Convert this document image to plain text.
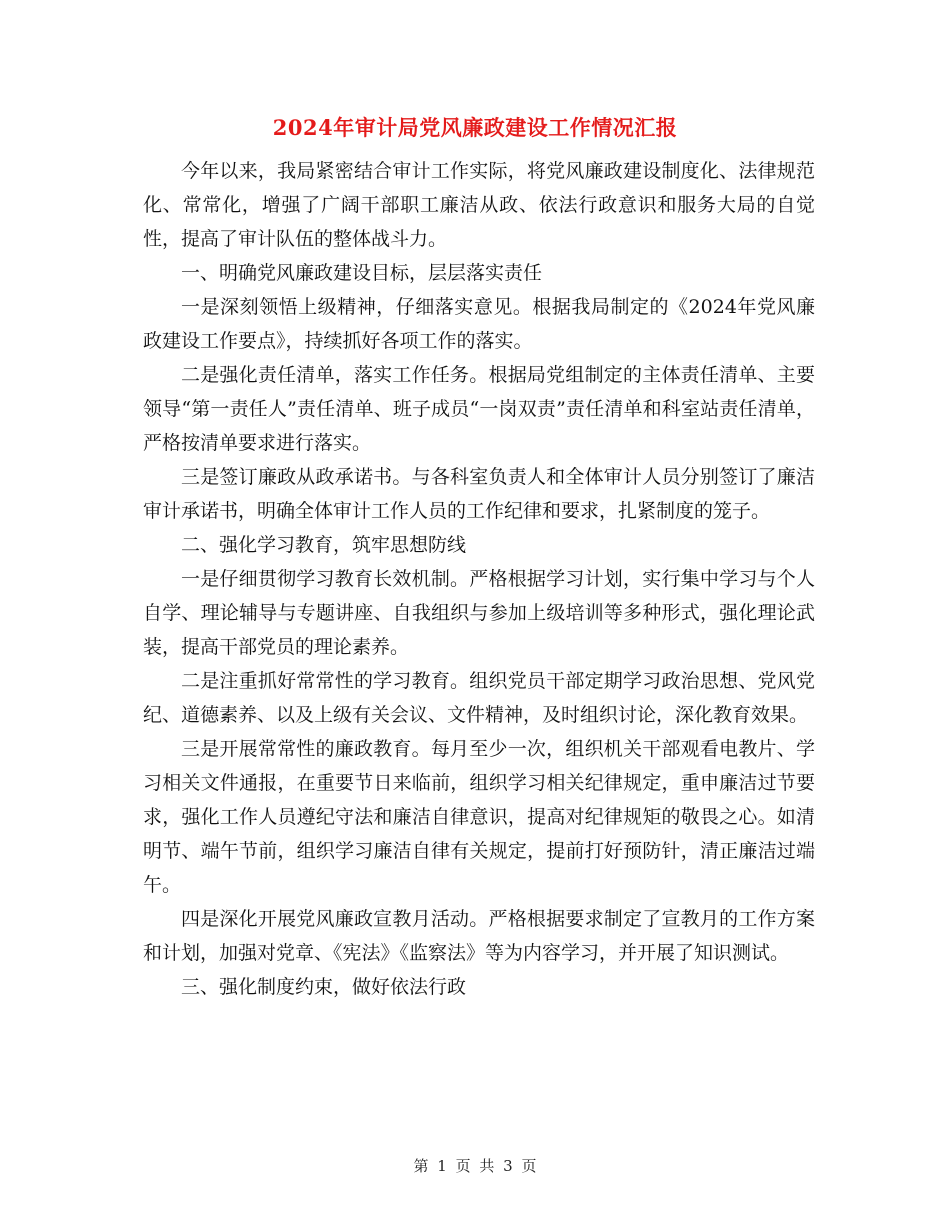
2024年审计局党风廉政建设工作情况汇报

今年以来，我局紧密结合审计工作实际，将党风廉政建设制度化、法律规范化、常常化，增强了广阔干部职工廉洁从政、依法行政意识和服务大局的自觉性，提高了审计队伍的整体战斗力。

一、明确党风廉政建设目标，层层落实责任

一是深刻领悟上级精神，仔细落实意见。根据我局制定的《2024年党风廉政建设工作要点》，持续抓好各项工作的落实。

二是强化责任清单，落实工作任务。根据局党组制定的主体责任清单、主要领导“第一责任人”责任清单、班子成员“一岗双责”责任清单和科室站责任清单，严格按清单要求进行落实。

三是签订廉政从政承诺书。与各科室负责人和全体审计人员分别签订了廉洁审计承诺书，明确全体审计工作人员的工作纪律和要求，扎紧制度的笼子。

二、强化学习教育，筑牢思想防线

一是仔细贯彻学习教育长效机制。严格根据学习计划，实行集中学习与个人自学、理论辅导与专题讲座、自我组织与参加上级培训等多种形式，强化理论武装，提高干部党员的理论素养。

二是注重抓好常常性的学习教育。组织党员干部定期学习政治思想、党风党纪、道德素养、以及上级有关会议、文件精神，及时组织讨论，深化教育效果。

三是开展常常性的廉政教育。每月至少一次，组织机关干部观看电教片、学习相关文件通报，在重要节日来临前，组织学习相关纪律规定，重申廉洁过节要求，强化工作人员遵纪守法和廉洁自律意识，提高对纪律规矩的敬畏之心。如清明节、端午节前，组织学习廉洁自律有关规定，提前打好预防针，清正廉洁过端午。

四是深化开展党风廉政宣教月活动。严格根据要求制定了宣教月的工作方案和计划，加强对党章、《宪法》《监察法》等为内容学习，并开展了知识测试。

三、强化制度约束，做好依法行政

第 1 页 共 3 页
